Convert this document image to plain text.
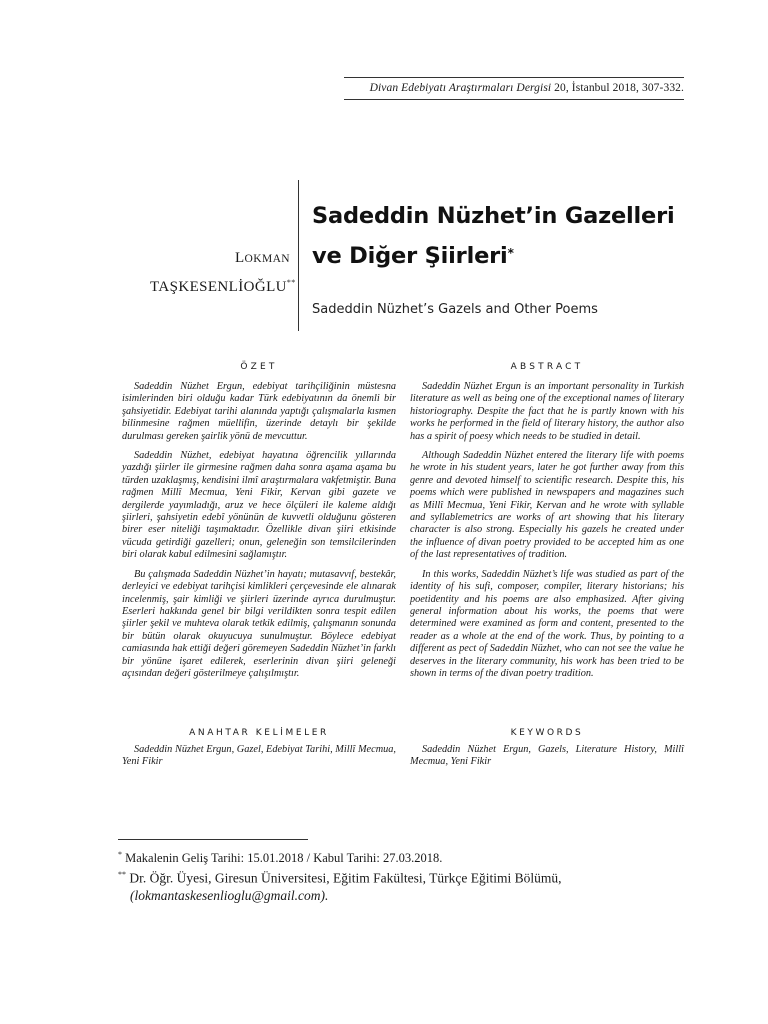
Divan Edebiyatı Araştırmaları Dergisi 20, İstanbul 2018, 307-332.
LOKMAN
TAŞKESENLİOĞLU**
Sadeddin Nüzhet’in Gazelleri
ve Diğer Şiirleri*
Sadeddin Nüzhet’s Gazels and Other Poems
ÖZET

Sadeddin Nüzhet Ergun, edebiyat tarihçiliğinin müstesna isimlerinden biri olduğu kadar Türk edebiyatının da önemli bir şahsiyetidir. Edebiyat tarihi alanında yaptığı çalışmalarla kısmen bilinmesine rağmen müellifin, üzerinde detaylı bir şekilde durulması gereken şairlik yönü de mevcuttur.

Sadeddin Nüzhet, edebiyat hayatına öğrencilik yıllarında yazdığı şiirler ile girmesine rağmen daha sonra aşama aşama bu türden uzaklaşmış, kendisini ilmî araştırmalara vakfetmiştir. Buna rağmen Millî Mecmua, Yeni Fikir, Kervan gibi gazete ve dergilerde yayımladığı, aruz ve hece ölçüleri ile kaleme aldığı şiirleri, şahsiyetin edebî yönünün de kuvvetli olduğunu gösteren birer eser niteliği taşımaktadır. Özellikle divan şiiri etkisinde vücuda getirdiği gazelleri; onun, geleneğin son temsilcilerinden biri olarak kabul edilmesini sağlamıştır.

Bu çalışmada Sadeddin Nüzhet’in hayatı; mutasavvıf, bestekâr, derleyici ve edebiyat tarihçisi kimlikleri çerçevesinde ele alınarak incelenmiş, şair kimliği ve şiirleri üzerinde ayrıca durulmuştur. Eserleri hakkında genel bir bilgi verildikten sonra tespit edilen şiirler şekil ve muhteva olarak tetkik edilmiş, çalışmanın sonunda bir bütün olarak okuyucuya sunulmuştur. Böylece edebiyat camiasında hak ettiği değeri göremeyen Sadeddin Nüzhet’in farklı bir yönüne işaret edilerek, eserlerinin divan şiiri geleneği açısından değeri gösterilmeye çalışılmıştır.

ANAHTAR KELİMELER

Sadeddin Nüzhet Ergun, Gazel, Edebiyat Tarihi, Millî Mecmua, Yeni Fikir

ABSTRACT

Sadeddin Nüzhet Ergun is an important personality in Turkish literature as well as being one of the exceptional names of literary historiography. Despite the fact that he is partly known with his works he performed in the field of literary history, the author also has a spirit of poesy which needs to be studied in detail.

Although Sadeddin Nüzhet entered the literary life with poems he wrote in his student years, later he got further away from this genre and devoted himself to scientific research. Despite this, his poems which were published in newspapers and magazines such as Millî Mecmua, Yeni Fikir, Kervan and he wrote with syllable and syllablemetrics are works of art showing that his literary character is also strong. Especially his gazels he created under the influence of divan poetry provided to be accepted him as one of the last representatives of tradition.

In this works, Sadeddin Nüzhet’s life was studied as part of the identity of his sufi, composer, compiler, literary historians; his poetidentity and his poems are also emphasized. After giving general information about his works, the poems that were determined were examined as form and content, presented to the reader as a whole at the end of the work. Thus, by pointing to a different as pect of Sadeddin Nüzhet, who can not see the value he deserves in the literary community, his work has been tried to be shown in terms of the divan poetry tradition.

KEYWORDS

Sadeddin Nüzhet Ergun, Gazels, Literature History, Millî Mecmua, Yeni Fikir

* Makalenin Geliş Tarihi: 15.01.2018 / Kabul Tarihi: 27.03.2018.
** Dr. Öğr. Üyesi, Giresun Üniversitesi, Eğitim Fakültesi, Türkçe Eğitimi Bölümü,
(lokmantaskesenlioglu@gmail.com).
